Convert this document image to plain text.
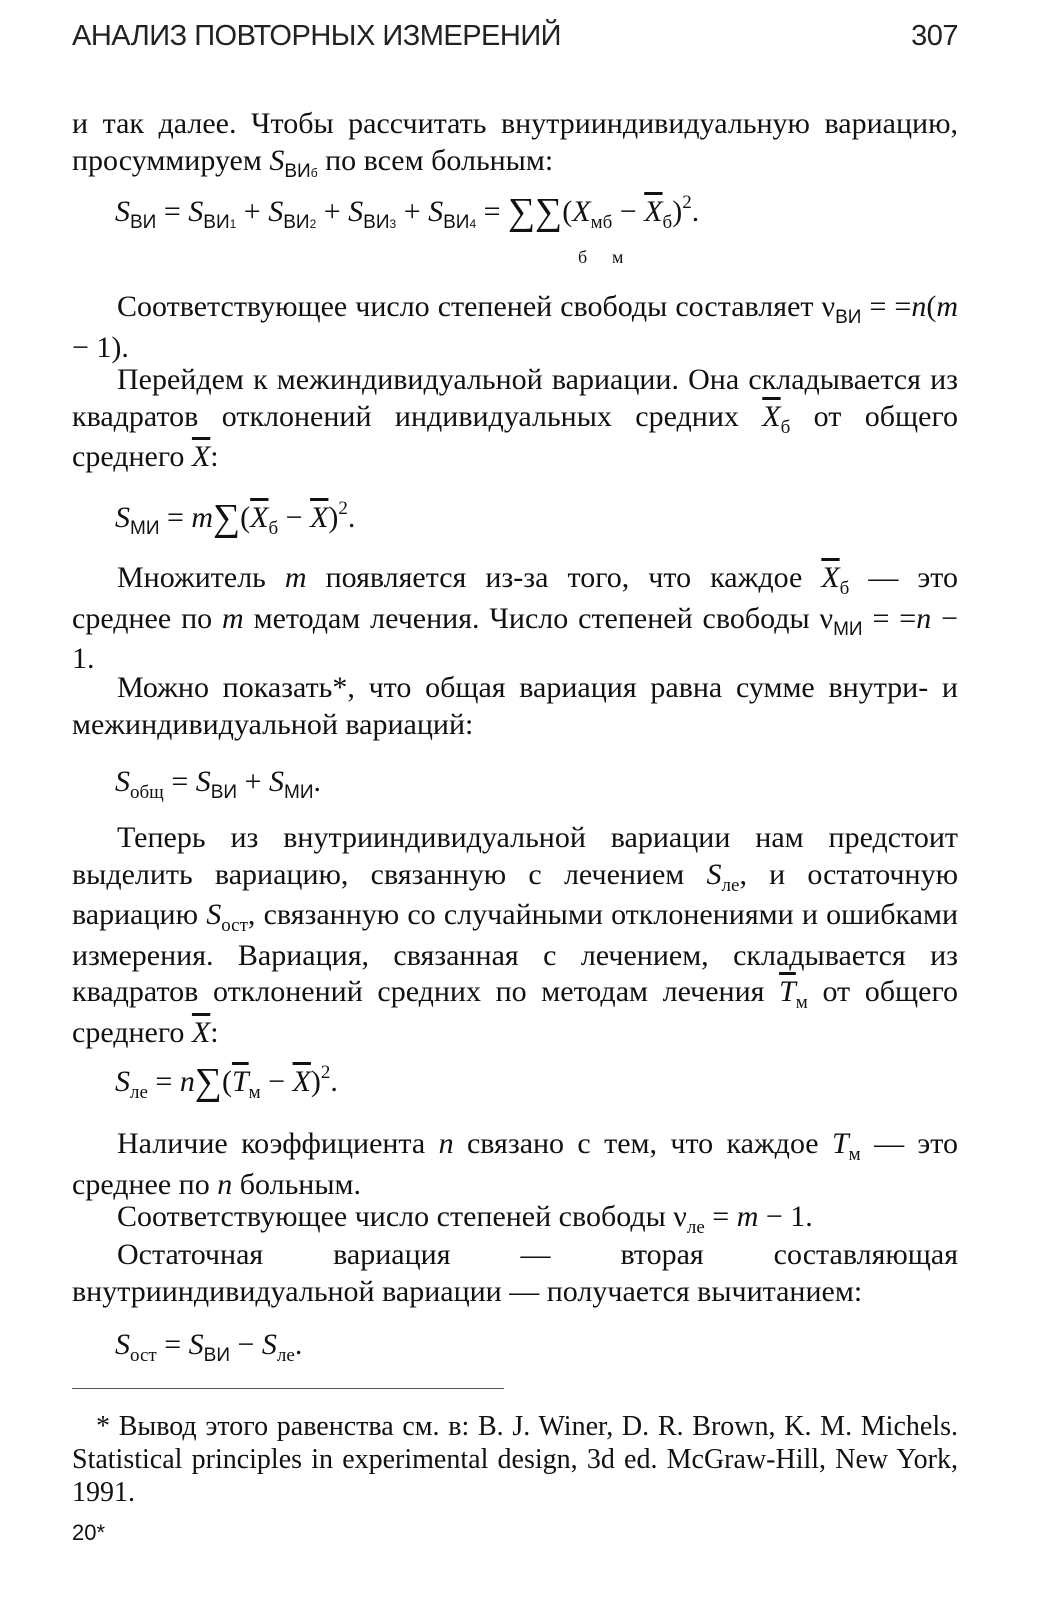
АНАЛИЗ ПОВТОРНЫХ ИЗМЕРЕНИЙ	307
и так далее. Чтобы рассчитать внутрииндивидуальную вариацию, просуммируем $S_{ВИб}$ по всем больным:
$S_{ВИ} = S_{ВИ1} + S_{ВИ2} + S_{ВИ3} + S_{ВИ4} = \sum\sum(X_{мб} - \overline{X}_б)^2$.
б м
Соответствующее число степеней свободы составляет $\nu_{ВИ} = =n(m - 1)$.
Перейдем к межиндивидуальной вариации. Она складывается из квадратов отклонений индивидуальных средних $\overline{X}_б$ от общего среднего $\overline{X}$:
$S_{МИ} = m\sum(\overline{X}_б - \overline{X})^2$.
Множитель m появляется из-за того, что каждое $\overline{X}_б$ — это среднее по m методам лечения. Число степеней свободы $\nu_{МИ} = =n - 1$.
Можно показать*, что общая вариация равна сумме внутри- и межиндивидуальной вариаций:
$S_{общ} = S_{ВИ} + S_{МИ}$.
Теперь из внутрииндивидуальной вариации нам предстоит выделить вариацию, связанную с лечением $S_{ле}$, и остаточную вариацию $S_{ост}$, связанную со случайными отклонениями и ошибками измерения. Вариация, связанная с лечением, складывается из квадратов отклонений средних по методам лечения $\overline{T}_м$ от общего среднего $\overline{X}$:
$S_{ле} = n\sum(\overline{T}_м - \overline{X})^2$.
Наличие коэффициента n связано с тем, что каждое $T_м$ — это среднее по n больным.
Соответствующее число степеней свободы $\nu_{ле} = m - 1$.
Остаточная вариация — вторая составляющая внутрииндивидуальной вариации — получается вычитанием:
$S_{ост} = S_{ВИ} - S_{ле}$.
* Вывод этого равенства см. в: B. J. Winer, D. R. Brown, K. M. Michels. Statistical principles in experimental design, 3d ed. McGraw-Hill, New York, 1991.
20*
